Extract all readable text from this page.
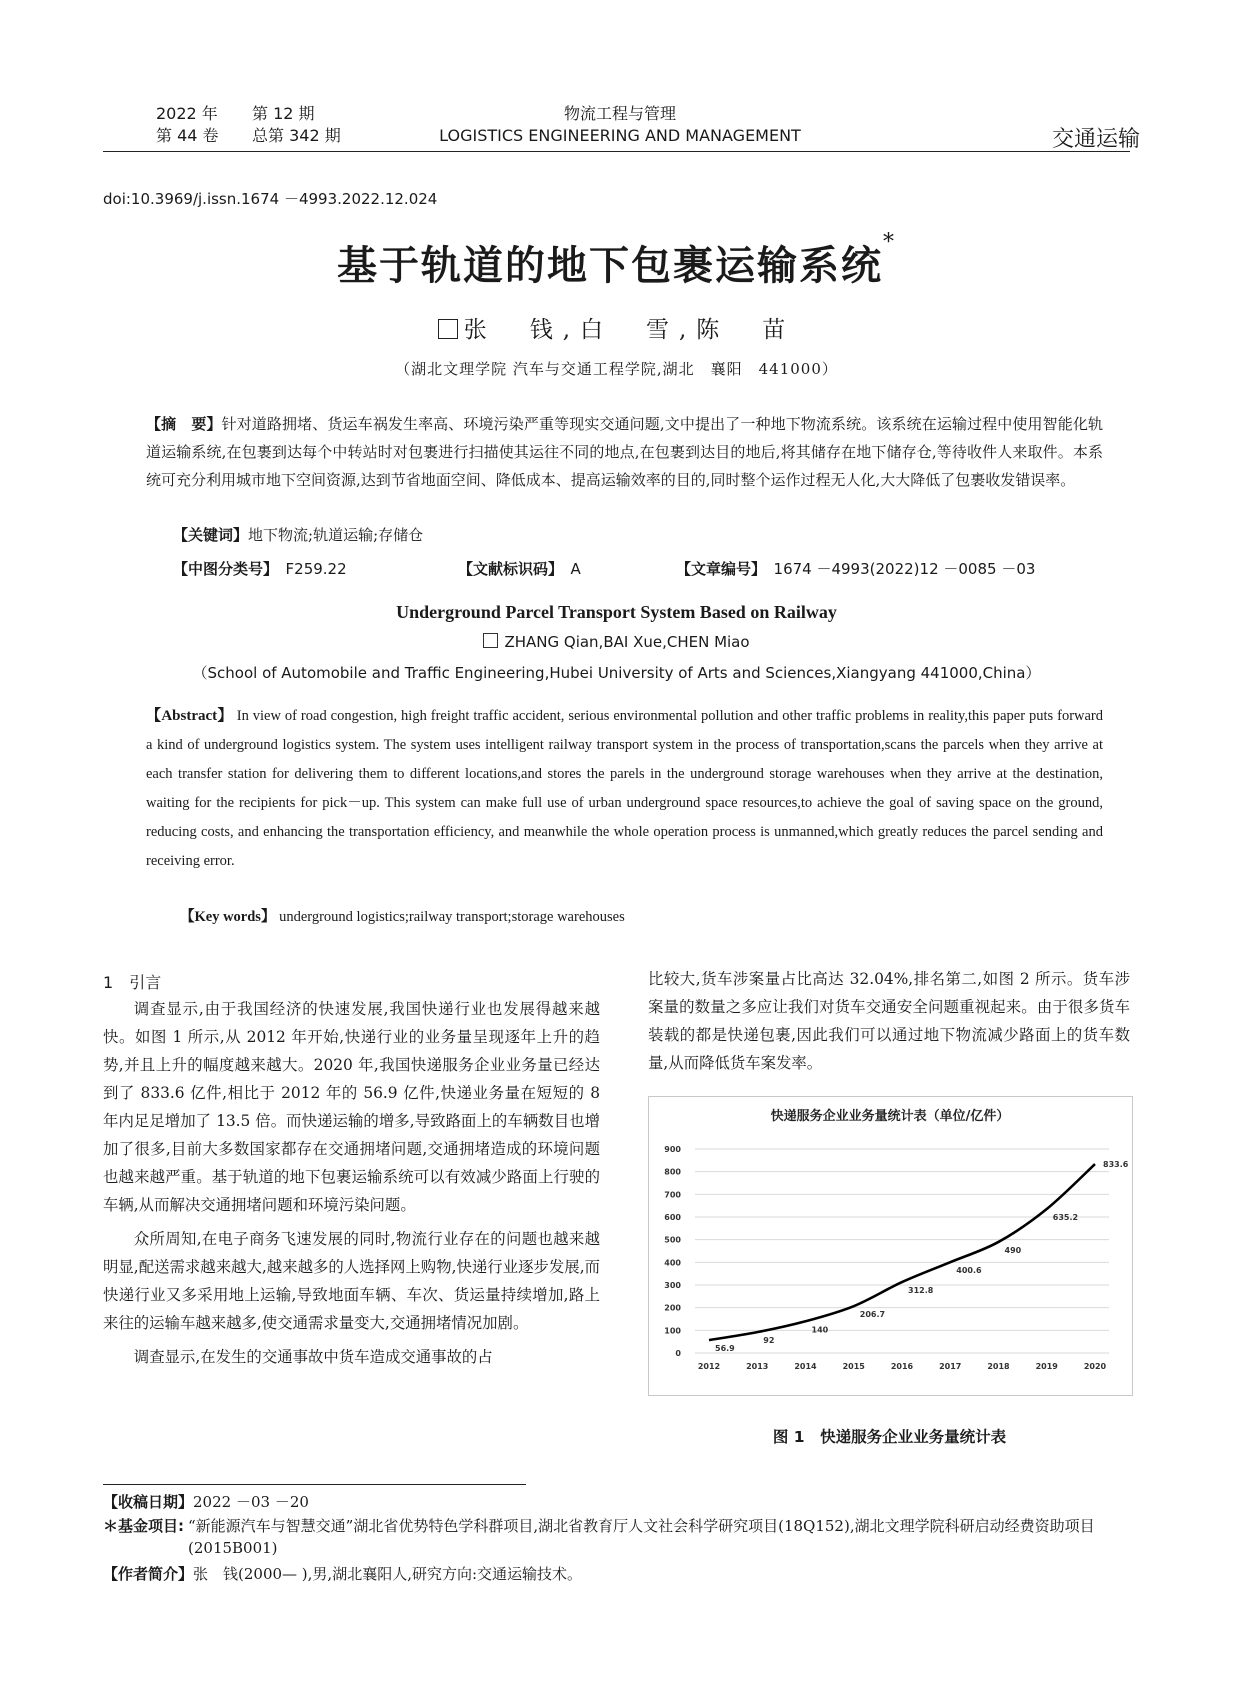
2022 年 第 12 期
第 44 卷 总第 342 期
物流工程与管理
LOGISTICS ENGINEERING AND MANAGEMENT	交通运输
doi:10.3969/j.issn.1674 －4993.2022.12.024
基于轨道的地下包裹运输系统*
张　钱,白　雪,陈　苗
（湖北文理学院 汽车与交通工程学院,湖北　襄阳　441000）
【摘　要】针对道路拥堵、货运车祸发生率高、环境污染严重等现实交通问题,文中提出了一种地下物流系统。该系统在运输过程中使用智能化轨道运输系统,在包裹到达每个中转站时对包裹进行扫描使其运往不同的地点,在包裹到达目的地后,将其储存在地下储存仓,等待收件人来取件。本系统可充分利用城市地下空间资源,达到节省地面空间、降低成本、提高运输效率的目的,同时整个运作过程无人化,大大降低了包裹收发错误率。
【关键词】地下物流;轨道运输;存储仓
【中图分类号】　 F259.22	【文献标识码】　 A	【文章编号】　 1674 －4993(2022)12 －0085 －03
Underground Parcel Transport System Based on Railway
ZHANG Qian,BAI Xue,CHEN Miao
（School of Automobile and Traffic Engineering,Hubei University of Arts and Sciences,Xiangyang 441000,China）
【Abstract】 In view of road congestion, high freight traffic accident, serious environmental pollution and other traffic problems in reality,this paper puts forward a kind of underground logistics system. The system uses intelligent railway transport system in the process of transportation,scans the parcels when they arrive at each transfer station for delivering them to different locations,and stores the parels in the underground storage warehouses when they arrive at the destination, waiting for the recipients for pick－up. This system can make full use of urban underground space resources,to achieve the goal of saving space on the ground, reducing costs, and enhancing the transportation efficiency, and meanwhile the whole operation process is unmanned,which greatly reduces the parcel sending and receiving error.
【Key words】 underground logistics;railway transport;storage warehouses
1　 引言

调查显示,由于我国经济的快速发展,我国快递行业也发展得越来越快。如图 1 所示,从 2012 年开始,快递行业的业务量呈现逐年上升的趋势,并且上升的幅度越来越大。2020 年,我国快递服务企业业务量已经达到了 833.6 亿件,相比于 2012 年的 56.9 亿件,快递业务量在短短的 8 年内足足增加了 13.5 倍。而快递运输的增多,导致路面上的车辆数目也增加了很多,目前大多数国家都存在交通拥堵问题,交通拥堵造成的环境问题也越来越严重。基于轨道的地下包裹运输系统可以有效减少路面上行驶的车辆,从而解决交通拥堵问题和环境污染问题。

众所周知,在电子商务飞速发展的同时,物流行业存在的问题也越来越明显,配送需求越来越大,越来越多的人选择网上购物,快递行业逐步发展,而快递行业又多采用地上运输,导致地面车辆、车次、货运量持续增加,路上来往的运输车越来越多,使交通需求量变大,交通拥堵情况加剧。

调查显示,在发生的交通事故中货车造成交通事故的占

比较大,货车涉案量占比高达 32.04%,排名第二,如图 2 所示。货车涉案量的数量之多应让我们对货车交通安全问题重视起来。由于很多货车装载的都是快递包裹,因此我们可以通过地下物流减少路面上的货车数量,从而降低货车案发率。

快递服务企业业务量统计表（单位/亿件）
0
100
200
300
400
500
600
700
800
900
2012	2013	2014	2015	2016	2017	2018	2019	2020
56.9
92
140
206.7
312.8
400.6
490
635.2
833.6
图 1　快递服务企业业务量统计表
【收稿日期】2022 －03 －20
＊基金项目: “新能源汽车与智慧交通”湖北省优势特色学科群项目,湖北省教育厅人文社会科学研究项目(18Q152),湖北文理学院科研启动经费资助项目(2015B001)
【作者简介】张　钱(2000— ),男,湖北襄阳人,研究方向:交通运输技术。
